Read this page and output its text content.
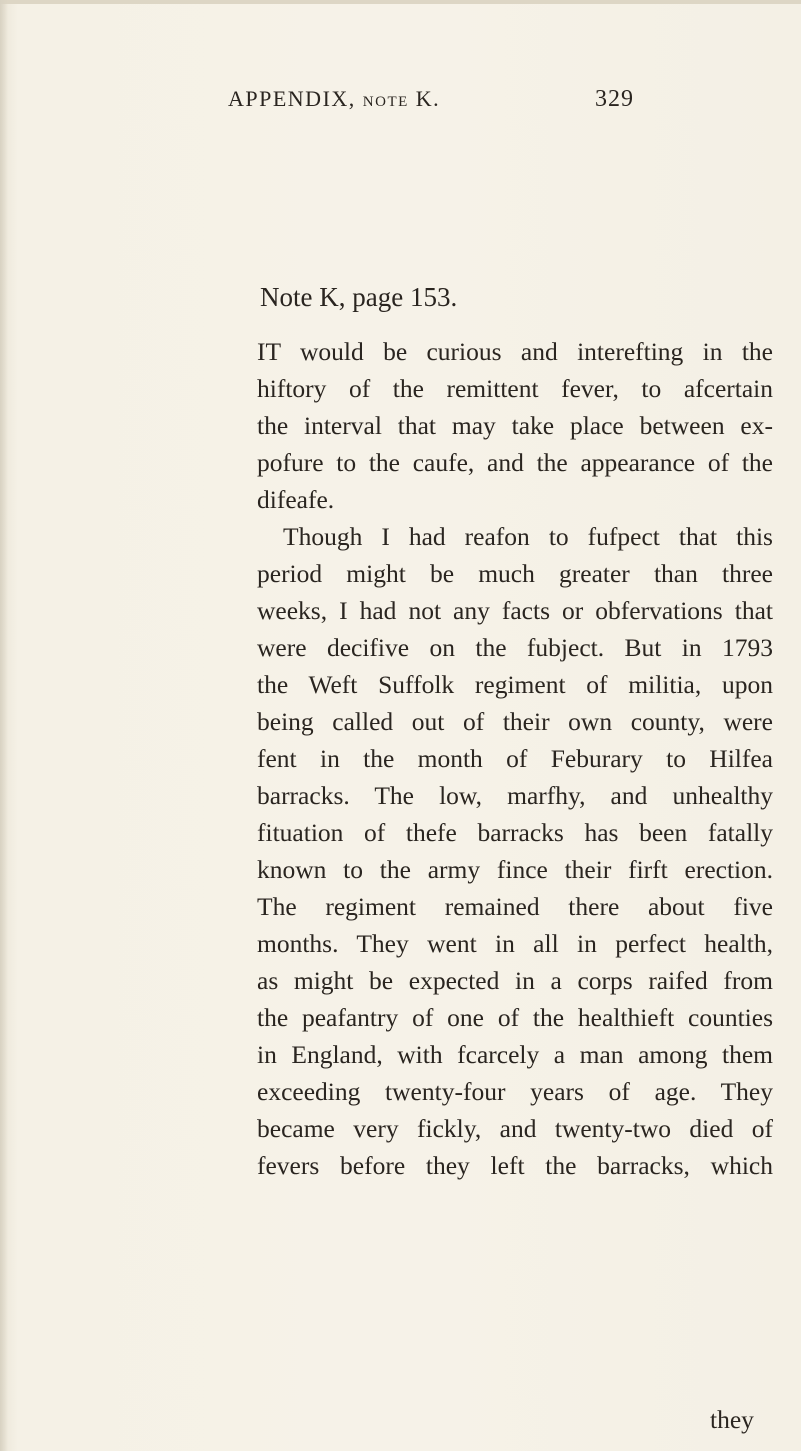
APPENDIX, note K.	329
Note K, page 153.
IT would be curious and interefting in the
hiftory of the remittent fever, to afcertain
the interval that may take place between ex-
pofure to the caufe, and the appearance of the
difeafe.
Though I had reafon to fufpect that this
period might be much greater than three
weeks, I had not any facts or obfervations that
were decifive on the fubject. But in 1793
the Weft Suffolk regiment of militia, upon
being called out of their own county, were
fent in the month of Feburary to Hilfea
barracks. The low, marfhy, and unhealthy
fituation of thefe barracks has been fatally
known to the army fince their firft erection.
The regiment remained there about five
months. They went in all in perfect health,
as might be expected in a corps raifed from
the peafantry of one of the healthieft counties
in England, with fcarcely a man among them
exceeding twenty-four years of age. They
became very fickly, and twenty-two died of
fevers before they left the barracks, which
they
